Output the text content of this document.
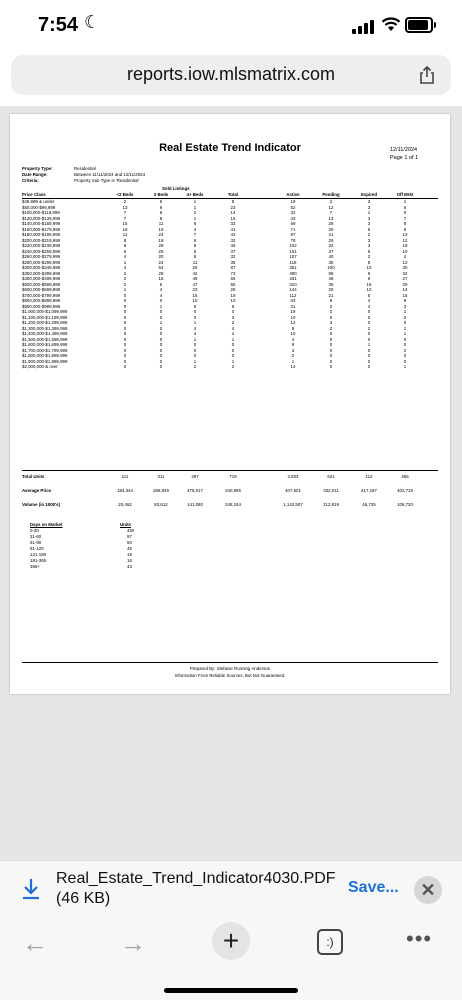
7:54 ☾
reports.iow.mlsmatrix.com
Real Estate Trend Indicator	12/11/2024
Page 1 of 1
Property Type:	Residential
Date Range:	Between 11/11/2024 and 12/11/2024
Criteria:	Property Sub Type is 'Residential'
Sold Listings
Price Class	<2 Beds	3 Beds	4+ Beds	Total	Active	Pending	Expired	Off Mrkt
$49,999 & under	2	5	1	8	19	2	3	1
$50,000-$99,999	13	9	1	23	52	12	3	6
$100,000-$119,999	7	5	2	14	32	7	1	0
$120,000-$139,999	7	8	1	16	43	13	3	7
$140,000-$159,999	15	11	6	32	69	28	3	9
$160,000-$179,999	18	19	4	41	71	30	6	6
$180,000-$199,999	11	24	7	42	87	31	2	13
$200,000-$219,999	8	18	6	32	78	29	3	12
$220,000-$239,999	8	29	8	45	102	32	3	18
$240,000-$259,999	6	25	6	37	101	37	5	10
$260,000-$279,999	4	20	8	32	107	40	2	4
$280,000-$299,999	1	24	11	36	118	35	8	12
$300,000-$349,999	4	54	29	87	351	100	10	30
$350,000-$399,999	2	29	42	73	490	98	9	32
$400,000-$499,999	2	15	49	66	331	48	9	27
$500,000-$599,999	2	6	47	55	310	35	16	29
$600,000-$699,999	1	4	23	28	144	25	10	14
$700,000-$799,999	0	4	15	19	112	21	5	15
$800,000-$899,999	0	0	10	10	63	9	4	9
$900,000-$999,999	0	1	5	6	31	2	4	3
$1,000,000-$1,099,999	0	0	0	0	19	2	0	1
$1,100,000-$1,199,999	0	0	3	3	10	0	0	2
$1,200,000-$1,299,999	0	1	1	2	12	3	0	0
$1,300,000-$1,399,999	0	0	4	4	8	2	2	1
$1,400,000-$1,499,999	0	0	4	4	10	0	0	1
$1,500,000-$1,599,999	0	0	1	1	4	0	0	0
$1,600,000-$1,699,999	0	0	0	0	9	0	1	0
$1,700,000-$1,799,999	0	0	0	0	3	0	0	2
$1,800,000-$1,899,999	0	0	0	0	2	0	0	0
$1,900,000-$1,999,999	0	0	1	1	1	0	0	0
$2,000,000 & over	0	0	2	2	14	0	0	1
Total Units	111	311	297	719	2,803	641	112	265
Average Price	184,344	268,849	475,017	340,965	407,601	332,011	417,187	402,719
Volume (in 1000's)	20,462	83,612	141,080	245,154	1,142,507	212,819	46,725	106,720
Days on Market	Units
0-30	450
31-60	97
61-90	50
91-120	45
121-180	18
181-365	16
366+	43
Prepared By: Stefanie Running Anderson
Information From Reliable Sources, But Not Guaranteed.
Real_Estate_Trend_Indicator4030.PDF
(46 KB)
Save...	✕
←	→	+	:)	•••
